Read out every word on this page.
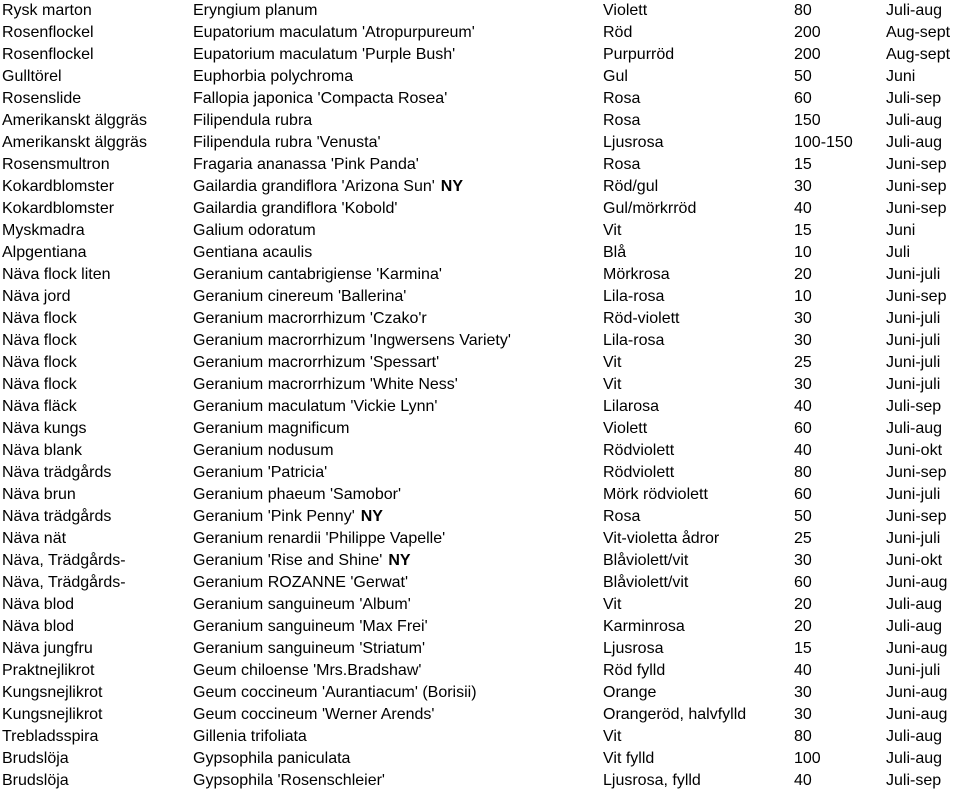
Rysk marton	Eryngium planum	Violett	80	Juli-aug
Rosenflockel	Eupatorium maculatum 'Atropurpureum'	Röd	200	Aug-sept
Rosenflockel	Eupatorium maculatum 'Purple Bush'	Purpurröd	200	Aug-sept
Gulltörel	Euphorbia polychroma	Gul	50	Juni
Rosenslide	Fallopia japonica 'Compacta Rosea'	Rosa	60	Juli-sep
Amerikanskt älggräs	Filipendula rubra	Rosa	150	Juli-aug
Amerikanskt älggräs	Filipendula rubra 'Venusta'	Ljusrosa	100-150 Juli-aug
Rosensmultron	Fragaria ananassa 'Pink Panda'	Rosa	15	Juni-sep
Kokardblomster	Gailardia grandiflora 'Arizona Sun' NY	Röd/gul	30	Juni-sep
Kokardblomster	Gailardia grandiflora 'Kobold'	Gul/mörkrröd	40	Juni-sep
Myskmadra	Galium odoratum	Vit	15	Juni
Alpgentiana	Gentiana acaulis	Blå	10	Juli
Näva flock liten	Geranium cantabrigiense 'Karmina'	Mörkrosa	20	Juni-juli
Näva jord	Geranium cinereum 'Ballerina'	Lila-rosa	10	Juni-sep
Näva flock	Geranium macrorrhizum 'Czako'r	Röd-violett	30	Juni-juli
Näva flock	Geranium macrorrhizum 'Ingwersens Variety'	Lila-rosa	30	Juni-juli
Näva flock	Geranium macrorrhizum 'Spessart'	Vit	25	Juni-juli
Näva flock	Geranium macrorrhizum 'White Ness'	Vit	30	Juni-juli
Näva fläck	Geranium maculatum 'Vickie Lynn'	Lilarosa	40	Juli-sep
Näva kungs	Geranium magnificum	Violett	60	Juli-aug
Näva blank	Geranium nodusum	Rödviolett	40	Juni-okt
Näva trädgårds	Geranium 'Patricia'	Rödviolett	80	Juni-sep
Näva brun	Geranium phaeum 'Samobor'	Mörk rödviolett	60	Juni-juli
Näva trädgårds	Geranium 'Pink Penny' NY	Rosa	50	Juni-sep
Näva nät	Geranium renardii 'Philippe Vapelle'	Vit-violetta ådror	25	Juni-juli
Näva, Trädgårds-	Geranium 'Rise and Shine' NY	Blåviolett/vit	30	Juni-okt
Näva, Trädgårds-	Geranium ROZANNE 'Gerwat'	Blåviolett/vit	60	Juni-aug
Näva blod	Geranium sanguineum 'Album'	Vit	20	Juli-aug
Näva blod	Geranium sanguineum 'Max Frei'	Karminrosa	20	Juli-aug
Näva jungfru	Geranium sanguineum 'Striatum'	Ljusrosa	15	Juni-aug
Praktnejlikrot	Geum chiloense 'Mrs.Bradshaw'	Röd fylld	40	Juni-juli
Kungsnejlikrot	Geum coccineum 'Aurantiacum' (Borisii)	Orange	30	Juni-aug
Kungsnejlikrot	Geum coccineum 'Werner Arends'	Orangeröd, halvfylld	30	Juni-aug
Trebladsspira	Gillenia trifoliata	Vit	80	Juli-aug
Brudslöja	Gypsophila paniculata	Vit fylld	100	Juli-aug
Brudslöja	Gypsophila 'Rosenschleier'	Ljusrosa, fylld	40	Juli-sep
